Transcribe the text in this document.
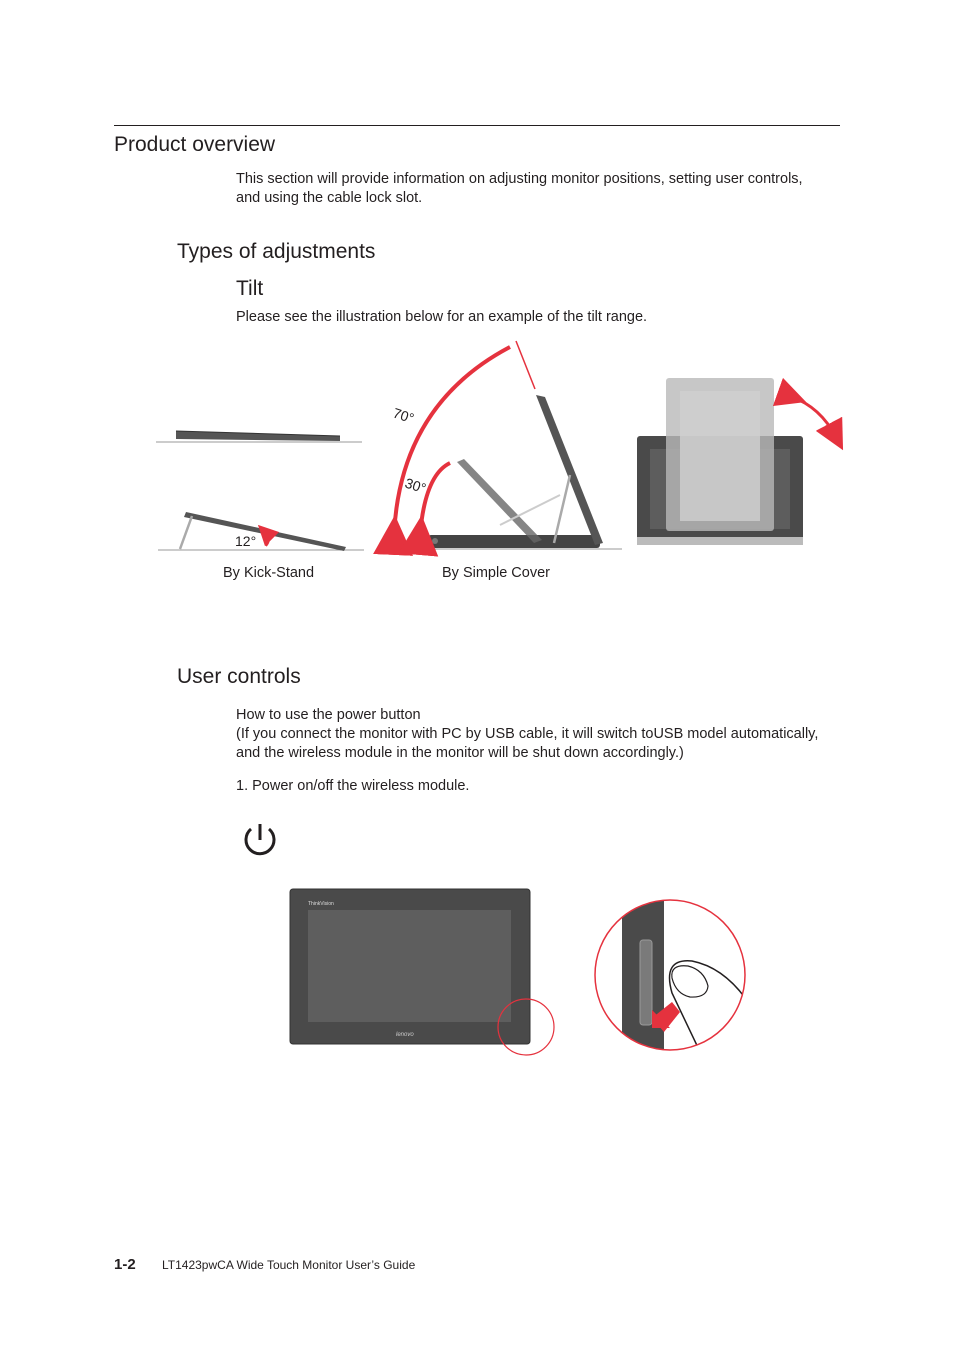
Product overview

This section will provide information on adjusting monitor positions, setting user controls, and using the cable lock slot.

Types of adjustments
Tilt

Please see the illustration below for an example of the tilt range.

12°
70°
30°
By Kick-Stand	By Simple Cover
User controls

How to use the power button
(If you connect the monitor with PC by USB cable, it will switch toUSB model automatically, and the wireless module in the monitor will be shut down accordingly.)

1. Power on/off the wireless module.

ThinkVision
lenovo
1-2 LT1423pwCA Wide Touch Monitor User’s Guide
